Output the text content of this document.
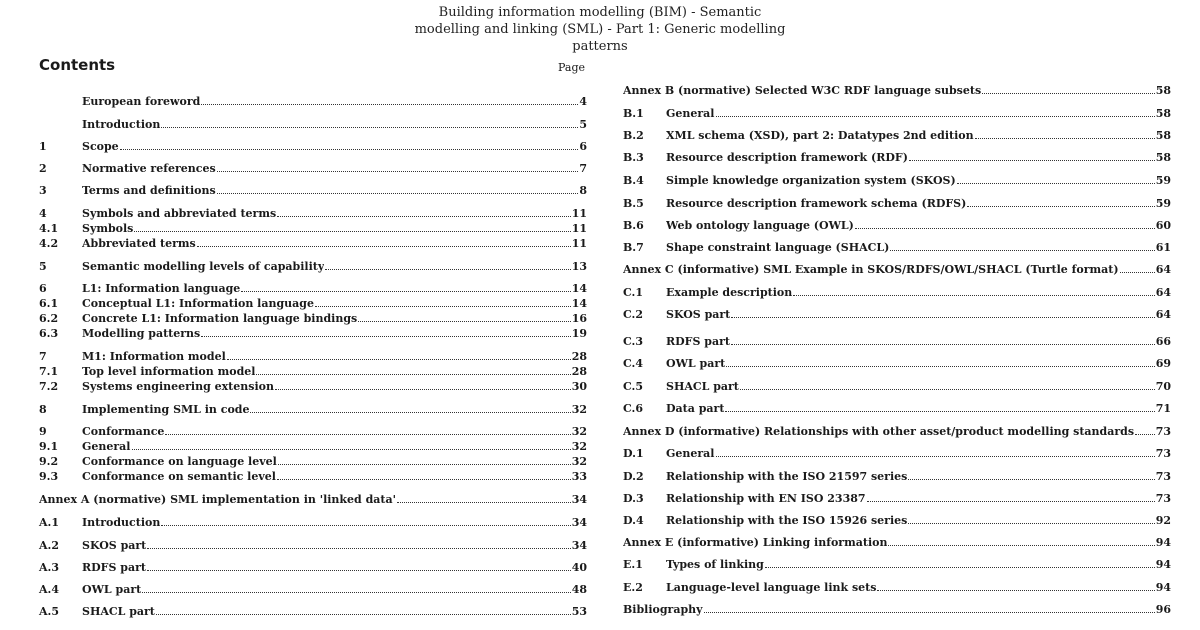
Building information modelling (BIM) - Semantic
modelling and linking (SML) - Part 1: Generic modelling
patterns
Contents	Page
European foreword	4
Introduction	5
1	Scope	6
2	Normative references	7
3	Terms and definitions	8
4	Symbols and abbreviated terms	11
4.1	Symbols	11
4.2	Abbreviated terms	11
5	Semantic modelling levels of capability	13
6	L1: Information language	14
6.1	Conceptual L1: Information language	14
6.2	Concrete L1: Information language bindings	16
6.3	Modelling patterns	19
7	M1: Information model	28
7.1	Top level information model	28
7.2	Systems engineering extension	30
8	Implementing SML in code	32
9	Conformance	32
9.1	General	32
9.2	Conformance on language level	32
9.3	Conformance on semantic level	33
Annex A (normative) SML implementation in 'linked data'	34
A.1	Introduction	34
A.2	SKOS part	34
A.3	RDFS part	40
A.4	OWL part	48
A.5	SHACL part	53
Annex B (normative) Selected W3C RDF language subsets	58
B.1	General	58
B.2	XML schema (XSD), part 2: Datatypes 2nd edition	58
B.3	Resource description framework (RDF)	58
B.4	Simple knowledge organization system (SKOS)	59
B.5	Resource description framework schema (RDFS)	59
B.6	Web ontology language (OWL)	60
B.7	Shape constraint language (SHACL)	61
Annex C (informative) SML Example in SKOS/RDFS/OWL/SHACL (Turtle format)	64
C.1	Example description	64
C.2	SKOS part	64
C.3	RDFS part	66
C.4	OWL part	69
C.5	SHACL part	70
C.6	Data part	71
Annex D (informative) Relationships with other asset/product modelling standards 73
D.1	General	73
D.2	Relationship with the ISO 21597 series	73
D.3	Relationship with EN ISO 23387	73
D.4	Relationship with the ISO 15926 series	92
Annex E (informative) Linking information	94
E.1	Types of linking	94
E.2	Language-level language link sets	94
Bibliography	96
